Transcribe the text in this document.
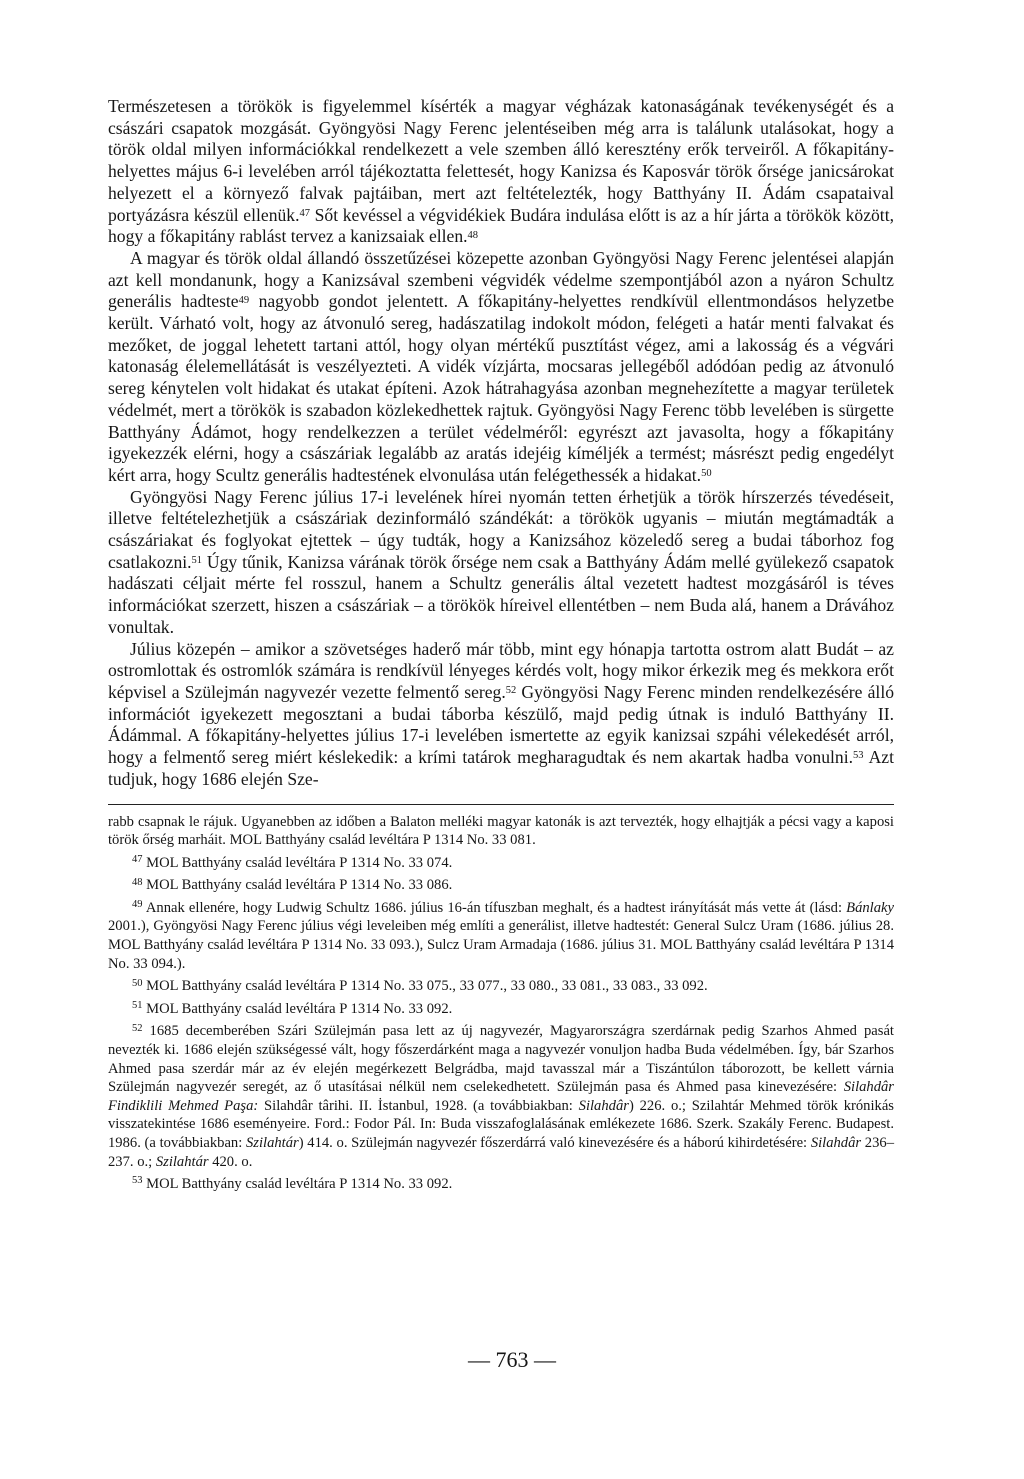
Természetesen a törökök is figyelemmel kísérték a magyar végházak katonaságának tevékenységét és a császári csapatok mozgását. Gyöngyösi Nagy Ferenc jelentéseiben még arra is találunk utalásokat, hogy a török oldal milyen információkkal rendelkezett a vele szemben álló keresztény erők terveiről. A főkapitány-helyettes május 6-i levelében arról tájékoztatta felettesét, hogy Kanizsa és Kaposvár török őrsége janicsárokat helyezett el a környező falvak pajtáiban, mert azt feltételezték, hogy Batthyány II. Ádám csapataival portyázásra készül ellenük.$^{47}$ Sőt kevéssel a végvidékiek Budára indulása előtt is az a hír járta a törökök között, hogy a főkapitány rablást tervez a kanizsaiak ellen.$^{48}$

A magyar és török oldal állandó összetűzései közepette azonban Gyöngyösi Nagy Ferenc jelentései alapján azt kell mondanunk, hogy a Kanizsával szembeni végvidék védelme szempontjából azon a nyáron Schultz generális hadteste$^{49}$ nagyobb gondot jelentett. A főkapitány-helyettes rendkívül ellentmondásos helyzetbe került. Várható volt, hogy az átvonuló sereg, hadászatilag indokolt módon, felégeti a határ menti falvakat és mezőket, de joggal lehetett tartani attól, hogy olyan mértékű pusztítást végez, ami a lakosság és a végvári katonaság élelemellátását is veszélyezteti. A vidék vízjárta, mocsaras jellegéből adódóan pedig az átvonuló sereg kénytelen volt hidakat és utakat építeni. Azok hátrahagyása azonban megnehezítette a magyar területek védelmét, mert a törökök is szabadon közlekedhettek rajtuk. Gyöngyösi Nagy Ferenc több levelében is sürgette Batthyány Ádámot, hogy rendelkezzen a terület védelméről: egyrészt azt javasolta, hogy a főkapitány igyekezzék elérni, hogy a császáriak legalább az aratás idejéig kíméljék a termést; másrészt pedig engedélyt kért arra, hogy Scultz generális hadtestének elvonulása után felégethessék a hidakat.$^{50}$

Gyöngyösi Nagy Ferenc július 17-i levelének hírei nyomán tetten érhetjük a török hírszerzés tévedéseit, illetve feltételezhetjük a császáriak dezinformáló szándékát: a törökök ugyanis – miután megtámadták a császáriakat és foglyokat ejtettek – úgy tudták, hogy a Kanizsához közeledő sereg a budai táborhoz fog csatlakozni.$^{51}$ Úgy tűnik, Kanizsa várának török őrsége nem csak a Batthyány Ádám mellé gyülekező csapatok hadászati céljait mérte fel rosszul, hanem a Schultz generális által vezetett hadtest mozgásáról is téves információkat szerzett, hiszen a császáriak – a törökök híreivel ellentétben – nem Buda alá, hanem a Drávához vonultak.

Július közepén – amikor a szövetséges haderő már több, mint egy hónapja tartotta ostrom alatt Budát – az ostromlottak és ostromlók számára is rendkívül lényeges kérdés volt, hogy mikor érkezik meg és mekkora erőt képvisel a Szülejmán nagyvezér vezette felmentő sereg.$^{52}$ Gyöngyösi Nagy Ferenc minden rendelkezésére álló információt igyekezett megosztani a budai táborba készülő, majd pedig útnak is induló Batthyány II. Ádámmal. A főkapitány-helyettes július 17-i levelében ismertette az egyik kanizsai szpáhi vélekedését arról, hogy a felmentő sereg miért késlekedik: a krími tatárok megharagudtak és nem akartak hadba vonulni.$^{53}$ Azt tudjuk, hogy 1686 elején Sze-

rabb csapnak le rájuk. Ugyanebben az időben a Balaton melléki magyar katonák is azt tervezték, hogy elhajtják a pécsi vagy a kaposi török őrség marháit. MOL Batthyány család levéltára P 1314 No. 33 081.

$^{47}$ MOL Batthyány család levéltára P 1314 No. 33 074.

$^{48}$ MOL Batthyány család levéltára P 1314 No. 33 086.

$^{49}$ Annak ellenére, hogy Ludwig Schultz 1686. július 16-án tífuszban meghalt, és a hadtest irányítását más vette át (lásd: Bánlaky 2001.), Gyöngyösi Nagy Ferenc július végi leveleiben még említi a generálist, illetve hadtestét: General Sulcz Uram (1686. július 28. MOL Batthyány család levéltára P 1314 No. 33 093.), Sulcz Uram Armadaja (1686. július 31. MOL Batthyány család levéltára P 1314 No. 33 094.).

$^{50}$ MOL Batthyány család levéltára P 1314 No. 33 075., 33 077., 33 080., 33 081., 33 083., 33 092.

$^{51}$ MOL Batthyány család levéltára P 1314 No. 33 092.

$^{52}$ 1685 decemberében Szári Szülejmán pasa lett az új nagyvezér, Magyarországra szerdárnak pedig Szarhos Ahmed pasát nevezték ki. 1686 elején szükségessé vált, hogy főszerdárként maga a nagyvezér vonuljon hadba Buda védelmében. Így, bár Szarhos Ahmed pasa szerdár már az év elején megérkezett Belgrádba, majd tavasszal már a Tiszántúlon táborozott, be kellett várnia Szülejmán nagyvezér seregét, az ő utasításai nélkül nem cselekedhetett. Szülejmán pasa és Ahmed pasa kinevezésére: Silahdâr Findiklili Mehmed Paşa: Silahdâr târihi. II. İstanbul, 1928. (a továbbiakban: Silahdâr) 226. o.; Szilahtár Mehmed török krónikás visszatekintése 1686 eseményeire. Ford.: Fodor Pál. In: Buda visszafoglalásának emlékezete 1686. Szerk. Szakály Ferenc. Budapest. 1986. (a továbbiakban: Szilahtár) 414. o. Szülejmán nagyvezér főszerdárrá való kinevezésére és a háború kihirdetésére: Silahdâr 236–237. o.; Szilahtár 420. o.

$^{53}$ MOL Batthyány család levéltára P 1314 No. 33 092.

— 763 —
